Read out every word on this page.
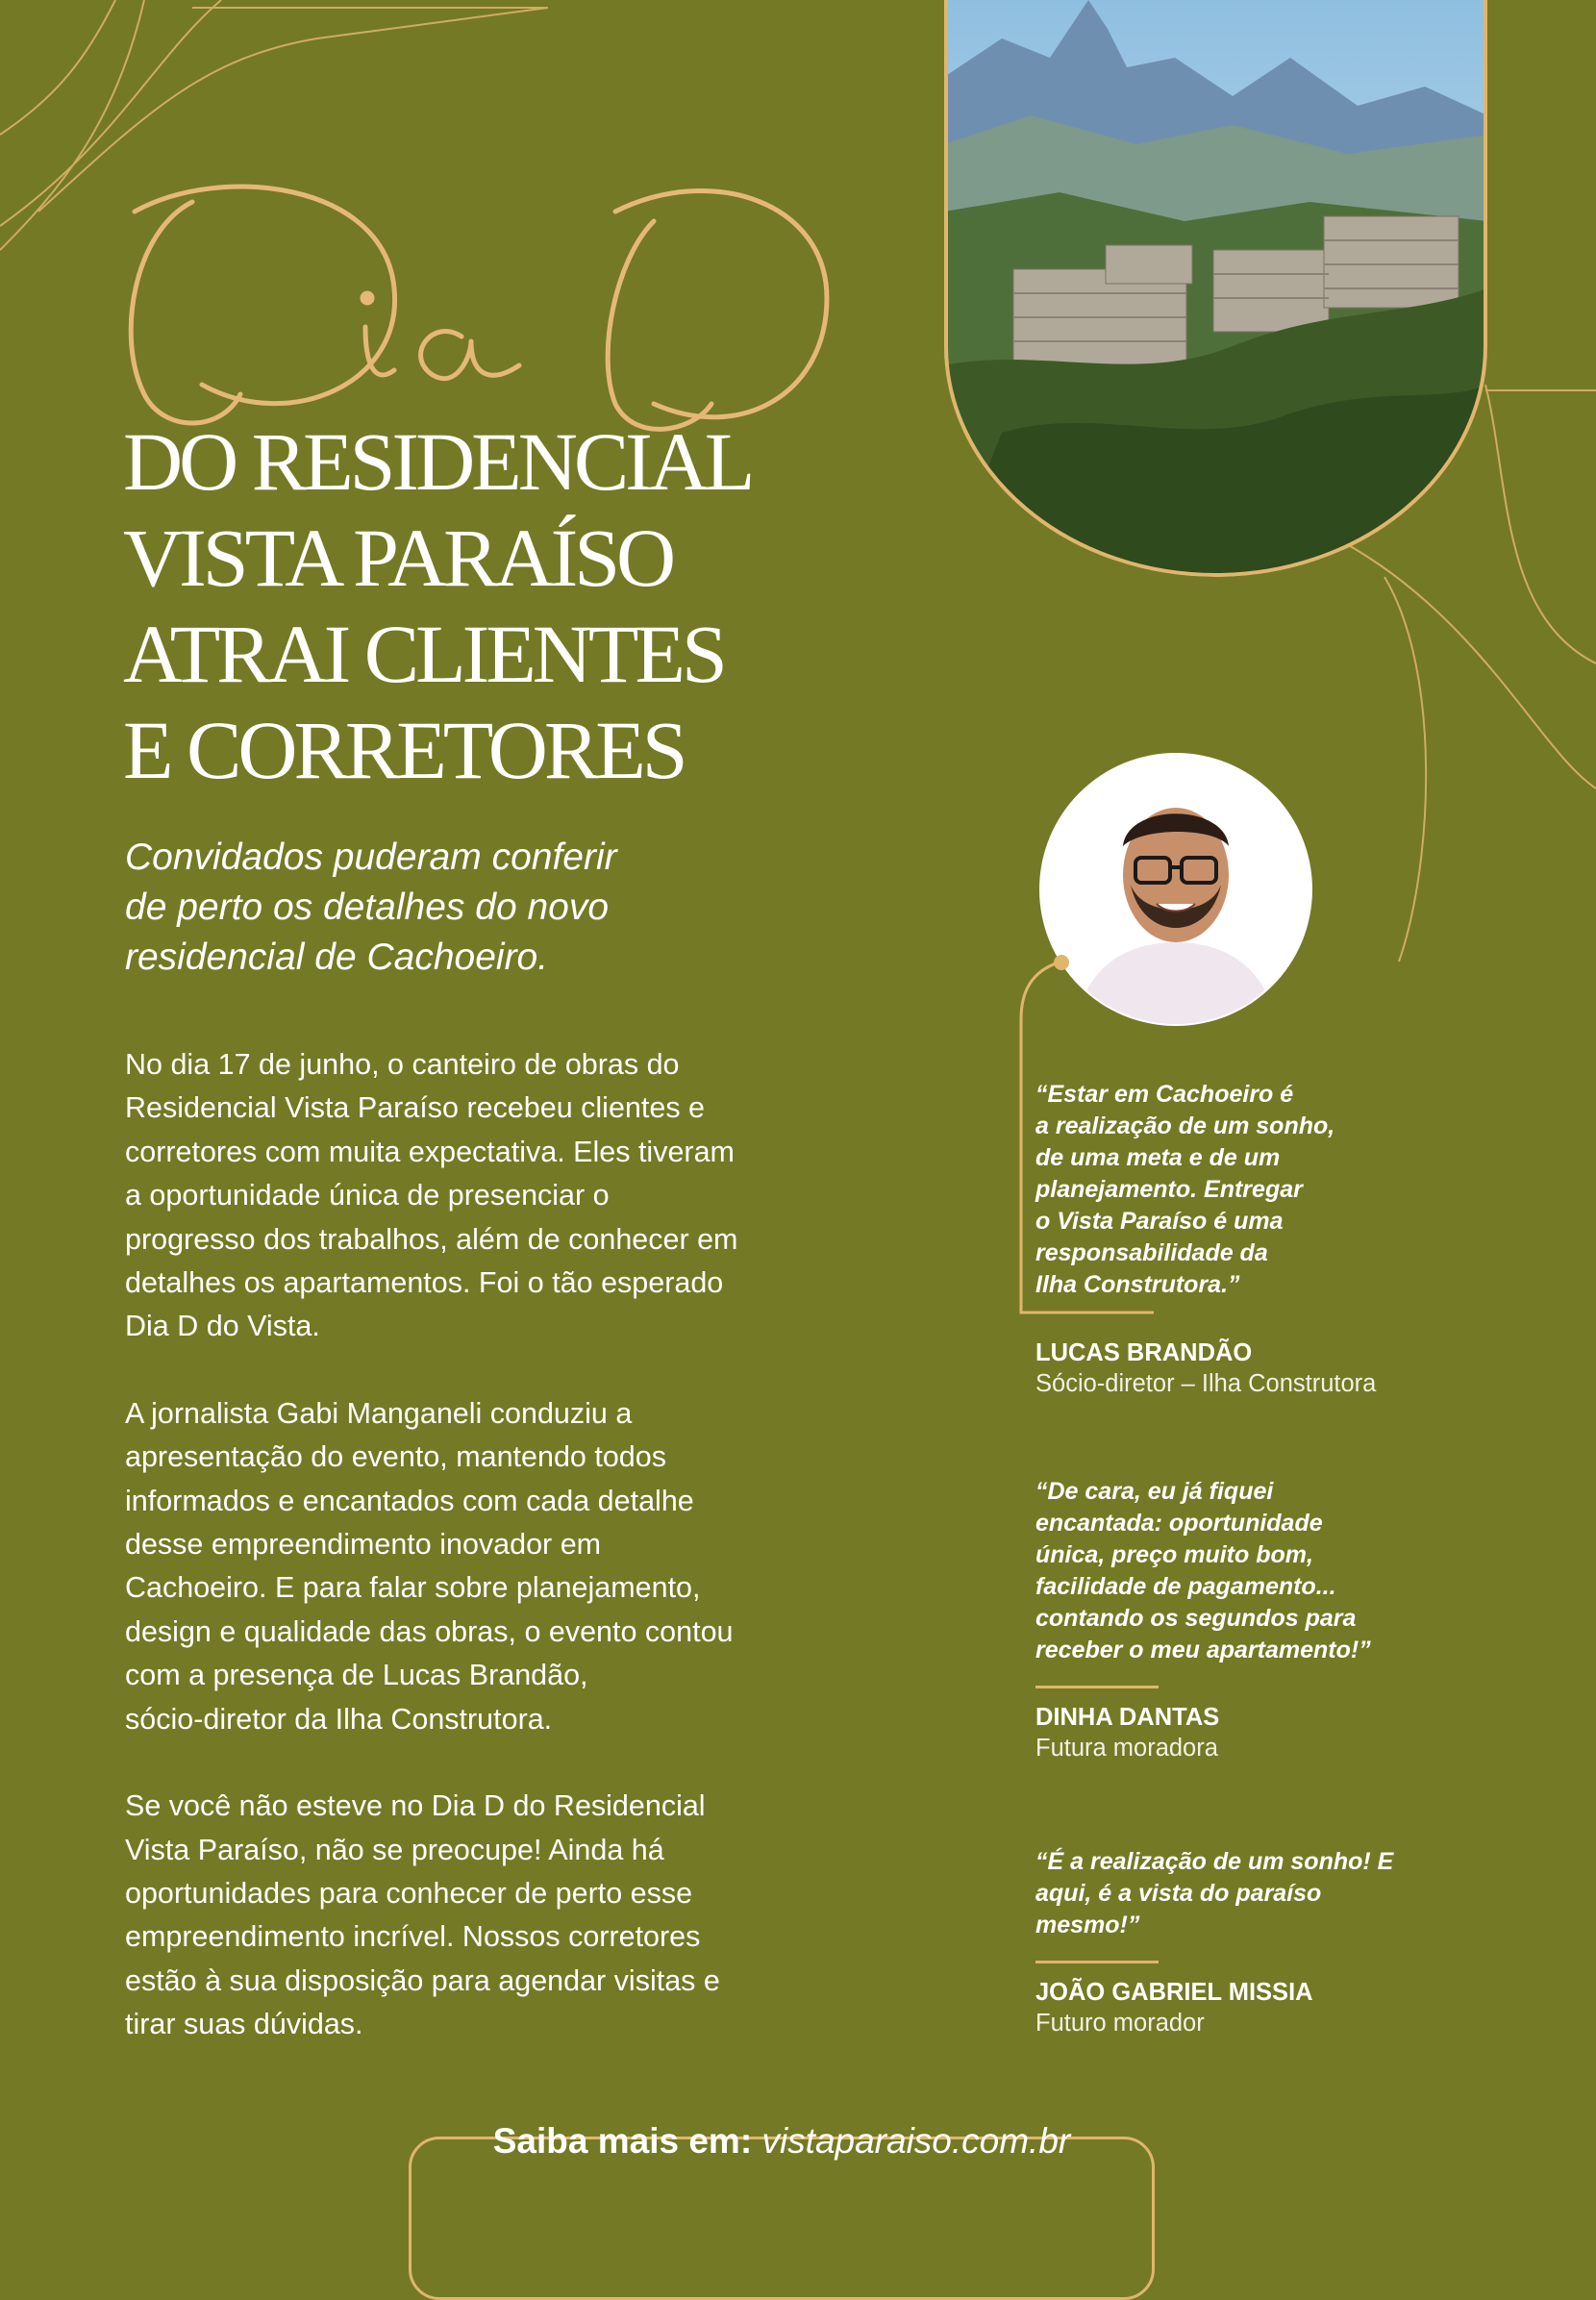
Dia D
DO RESIDENCIAL
VISTA PARAÍSO
ATRAI CLIENTES
E CORRETORES

Convidados puderam conferir
de perto os detalhes do novo
residencial de Cachoeiro.

No dia 17 de junho, o canteiro de obras do
Residencial Vista Paraíso recebeu clientes e
corretores com muita expectativa. Eles tiveram
a oportunidade única de presenciar o
progresso dos trabalhos, além de conhecer em
detalhes os apartamentos. Foi o tão esperado
Dia D do Vista.

A jornalista Gabi Manganeli conduziu a
apresentação do evento, mantendo todos
informados e encantados com cada detalhe
desse empreendimento inovador em
Cachoeiro. E para falar sobre planejamento,
design e qualidade das obras, o evento contou
com a presença de Lucas Brandão,
sócio-diretor da Ilha Construtora.

Se você não esteve no Dia D do Residencial
Vista Paraíso, não se preocupe! Ainda há
oportunidades para conhecer de perto esse
empreendimento incrível. Nossos corretores
estão à sua disposição para agendar visitas e
tirar suas dúvidas.

“Estar em Cachoeiro é
a realização de um sonho,
de uma meta e de um
planejamento. Entregar
o Vista Paraíso é uma
responsabilidade da
Ilha Construtora.”

LUCAS BRANDÃO

Sócio-diretor – Ilha Construtora

“De cara, eu já fiquei
encantada: oportunidade
única, preço muito bom,
facilidade de pagamento...
contando os segundos para
receber o meu apartamento!”

DINHA DANTAS

Futura moradora

“É a realização de um sonho! E
aqui, é a vista do paraíso
mesmo!”

JOÃO GABRIEL MISSIA

Futuro morador

Saiba mais em: vistaparaiso.com.br
